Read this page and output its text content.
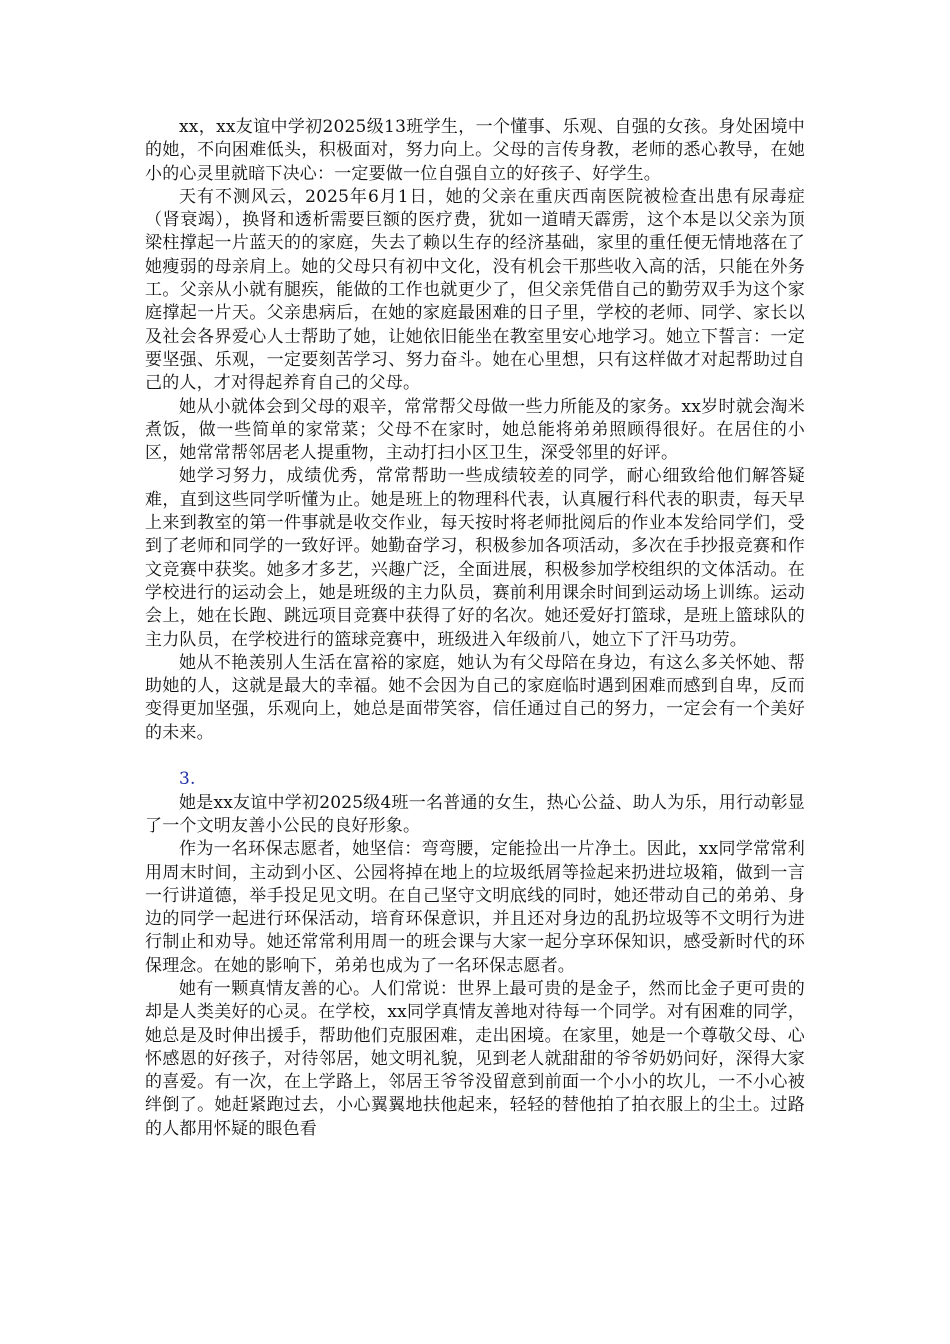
xx，xx友谊中学初2025级13班学生，一个懂事、乐观、自强的女孩。身处困境中的她，不向困难低头，积极面对，努力向上。父母的言传身教，老师的悉心教导，在她小的心灵里就暗下决心：一定要做一位自强自立的好孩子、好学生。

天有不测风云，2025年6月1日，她的父亲在重庆西南医院被检查出患有尿毒症（肾衰竭），换肾和透析需要巨额的医疗费，犹如一道晴天霹雳，这个本是以父亲为顶梁柱撑起一片蓝天的的家庭，失去了赖以生存的经济基础，家里的重任便无情地落在了她瘦弱的母亲肩上。她的父母只有初中文化，没有机会干那些收入高的活，只能在外务工。父亲从小就有腿疾，能做的工作也就更少了，但父亲凭借自己的勤劳双手为这个家庭撑起一片天。父亲患病后，在她的家庭最困难的日子里，学校的老师、同学、家长以及社会各界爱心人士帮助了她，让她依旧能坐在教室里安心地学习。她立下誓言：一定要坚强、乐观，一定要刻苦学习、努力奋斗。她在心里想，只有这样做才对起帮助过自己的人，才对得起养育自己的父母。

她从小就体会到父母的艰辛，常常帮父母做一些力所能及的家务。xx岁时就会淘米煮饭，做一些简单的家常菜；父母不在家时，她总能将弟弟照顾得很好。在居住的小区，她常常帮邻居老人提重物，主动打扫小区卫生，深受邻里的好评。

她学习努力，成绩优秀，常常帮助一些成绩较差的同学，耐心细致给他们解答疑难，直到这些同学听懂为止。她是班上的物理科代表，认真履行科代表的职责，每天早上来到教室的第一件事就是收交作业，每天按时将老师批阅后的作业本发给同学们，受到了老师和同学的一致好评。她勤奋学习，积极参加各项活动，多次在手抄报竞赛和作文竞赛中获奖。她多才多艺，兴趣广泛，全面进展，积极参加学校组织的文体活动。在学校进行的运动会上，她是班级的主力队员，赛前利用课余时间到运动场上训练。运动会上，她在长跑、跳远项目竞赛中获得了好的名次。她还爱好打篮球，是班上篮球队的主力队员，在学校进行的篮球竞赛中，班级进入年级前八，她立下了汗马功劳。

她从不艳羡别人生活在富裕的家庭，她认为有父母陪在身边，有这么多关怀她、帮助她的人，这就是最大的幸福。她不会因为自己的家庭临时遇到困难而感到自卑，反而变得更加坚强，乐观向上，她总是面带笑容，信任通过自己的努力，一定会有一个美好的未来。

3.

她是xx友谊中学初2025级4班一名普通的女生，热心公益、助人为乐，用行动彰显了一个文明友善小公民的良好形象。

作为一名环保志愿者，她坚信：弯弯腰，定能捡出一片净土。因此，xx同学常常利用周末时间，主动到小区、公园将掉在地上的垃圾纸屑等捡起来扔进垃圾箱，做到一言一行讲道德，举手投足见文明。在自己坚守文明底线的同时，她还带动自己的弟弟、身边的同学一起进行环保活动，培育环保意识，并且还对身边的乱扔垃圾等不文明行为进行制止和劝导。她还常常利用周一的班会课与大家一起分享环保知识，感受新时代的环保理念。在她的影响下，弟弟也成为了一名环保志愿者。

她有一颗真情友善的心。人们常说：世界上最可贵的是金子，然而比金子更可贵的却是人类美好的心灵。在学校，xx同学真情友善地对待每一个同学。对有困难的同学，她总是及时伸出援手，帮助他们克服困难，走出困境。在家里，她是一个尊敬父母、心怀感恩的好孩子，对待邻居，她文明礼貌，见到老人就甜甜的爷爷奶奶问好，深得大家的喜爱。有一次，在上学路上，邻居王爷爷没留意到前面一个小小的坎儿，一不小心被绊倒了。她赶紧跑过去，小心翼翼地扶他起来，轻轻的替他拍了拍衣服上的尘土。过路的人都用怀疑的眼色看
